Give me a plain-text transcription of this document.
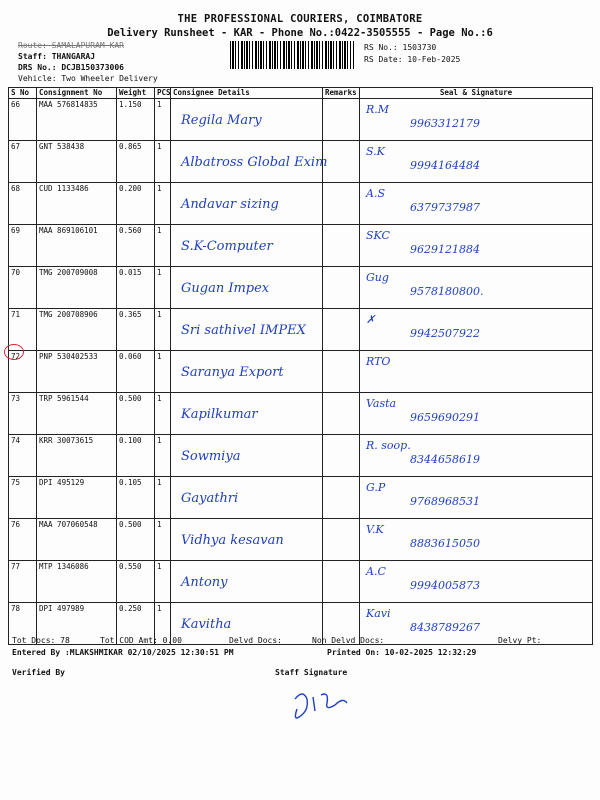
THE PROFESSIONAL COURIERS, COIMBATORE
Delivery Runsheet - KAR - Phone No.:0422-3505555 - Page No.:6
Route: SAMALAPURAM KAR
Staff: THANGARAJ
DRS No.: DCJB150373006
Vehicle: Two Wheeler Delivery
RS No.: 1503730
RS Date: 10-Feb-2025
S No	Consignment No	Weight	PCS	Consignee Details	Remarks	Seal & Signature
66	MAA 576814835	1.150	1	Regila Mary		R.M
9963312179

67	GNT 538438	0.865	1	Albatross Global Exim		S.K
9994164484

68	CUD 1133486	0.200	1	Andavar sizing		A.S
6379737987

69	MAA 869106101	0.560	1	S.K-Computer		SKC
9629121884

70	TMG 200709008	0.015	1	Gugan Impex		Gug
9578180800.

71	TMG 200708906	0.365	1	Sri sathivel IMPEX		✗
9942507922

72	PNP 530402533	0.060	1	Saranya Export		RTO

73	TRP 5961544	0.500	1	Kapilkumar		Vasta
9659690291

74	KRR 30073615	0.100	1	Sowmiya		R. soop.
8344658619

75	DPI 495129	0.105	1	Gayathri		G.P
9768968531

76	MAA 707060548	0.500	1	Vidhya kesavan		V.K
8883615050

77	MTP 1346086	0.550	1	Antony		A.C
9994005873

78	DPI 497989	0.250	1	Kavitha		Kavi
8438789267
Tot Docs: 78	Tot COD Amt: 0.00	Delvd Docs:	Non Delvd Docs:	Delvy Pt:
Entered By :MLAKSHMIKAR 02/10/2025 12:30:51 PM	Printed On: 10-02-2025 12:32:29
Verified By	Staff Signature
